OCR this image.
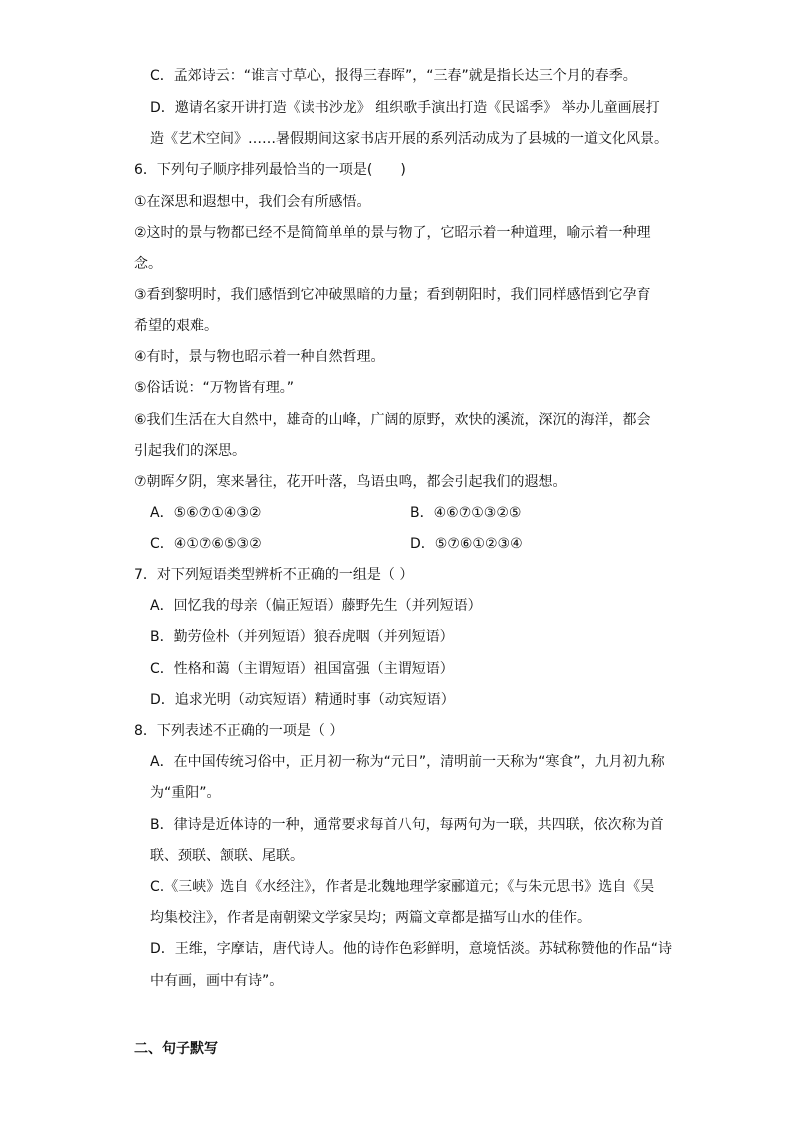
C．孟郊诗云：“谁言寸草心，报得三春晖”，“三春”就是指长达三个月的春季。
D．邀请名家开讲打造《读书沙龙》 组织歌手演出打造《民谣季》 举办儿童画展打
造《艺术空间》……暑假期间这家书店开展的系列活动成为了县城的一道文化风景。
6．下列句子顺序排列最恰当的一项是(　　)
①在深思和遐想中，我们会有所感悟。
②这时的景与物都已经不是简简单单的景与物了，它昭示着一种道理，喻示着一种理
念。
③看到黎明时，我们感悟到它冲破黑暗的力量；看到朝阳时，我们同样感悟到它孕育
希望的艰难。
④有时，景与物也昭示着一种自然哲理。
⑤俗话说：“万物皆有理。”
⑥我们生活在大自然中，雄奇的山峰，广阔的原野，欢快的溪流，深沉的海洋，都会
引起我们的深思。
⑦朝晖夕阴，寒来暑往，花开叶落，鸟语虫鸣，都会引起我们的遐想。
A．⑤⑥⑦①④③②	B．④⑥⑦①③②⑤
C．④①⑦⑥⑤③②	D．⑤⑦⑥①②③④
7．对下列短语类型辨析不正确的一组是（ ）
A．回忆我的母亲（偏正短语）藤野先生（并列短语）
B．勤劳俭朴（并列短语）狼吞虎咽（并列短语）
C．性格和蔼（主谓短语）祖国富强（主谓短语）
D．追求光明（动宾短语）精通时事（动宾短语）
8．下列表述不正确的一项是（ ）
A．在中国传统习俗中，正月初一称为“元日”，清明前一天称为“寒食”，九月初九称
为“重阳”。
B．律诗是近体诗的一种，通常要求每首八句，每两句为一联，共四联，依次称为首
联、颈联、颔联、尾联。
C.《三峡》选自《水经注》，作者是北魏地理学家郦道元；《与朱元思书》选自《吴
均集校注》，作者是南朝梁文学家吴均；两篇文章都是描写山水的佳作。
D．王维，字摩诘，唐代诗人。他的诗作色彩鲜明，意境恬淡。苏轼称赞他的作品“诗
中有画，画中有诗”。
二、句子默写
